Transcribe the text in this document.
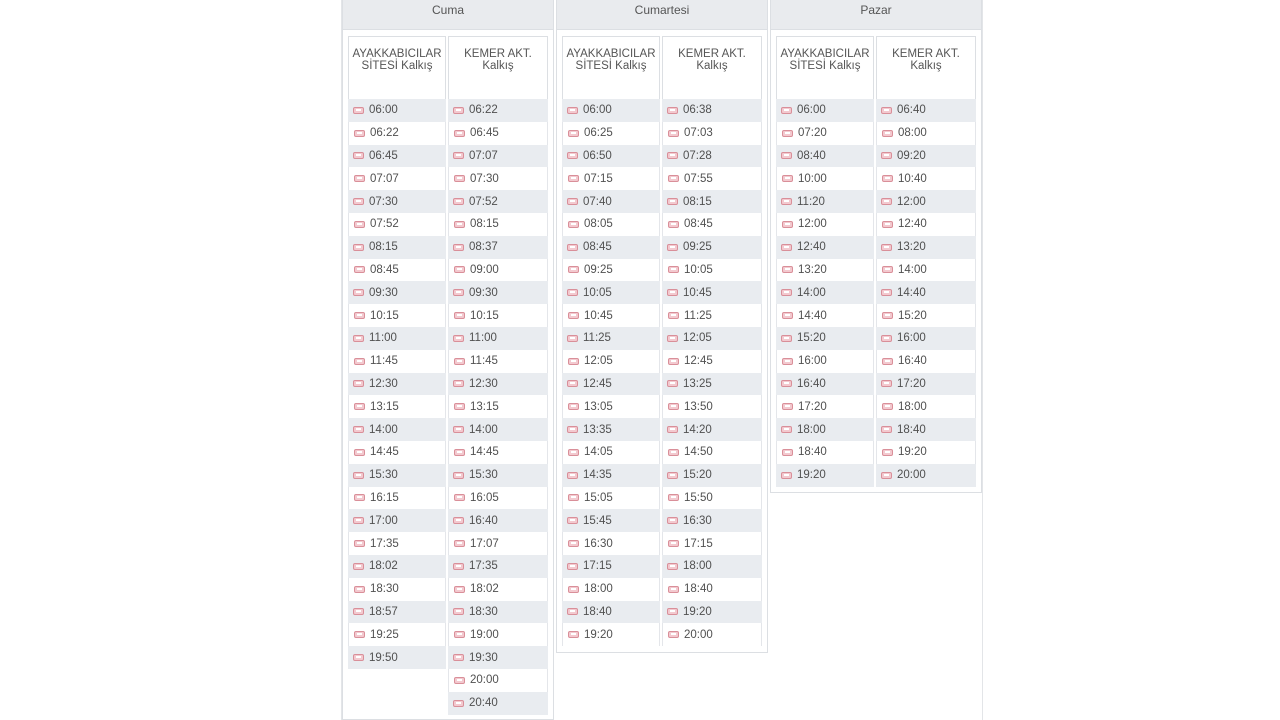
Cuma
AYAKKABICILAR
SİTESİ Kalkış
06:00
06:22
06:45
07:07
07:30
07:52
08:15
08:45
09:30
10:15
11:00
11:45
12:30
13:15
14:00
14:45
15:30
16:15
17:00
17:35
18:02
18:30
18:57
19:25
19:50
KEMER AKT.
Kalkış
06:22
06:45
07:07
07:30
07:52
08:15
08:37
09:00
09:30
10:15
11:00
11:45
12:30
13:15
14:00
14:45
15:30
16:05
16:40
17:07
17:35
18:02
18:30
19:00
19:30
20:00
20:40
Cumartesi
AYAKKABICILAR
SİTESİ Kalkış
06:00
06:25
06:50
07:15
07:40
08:05
08:45
09:25
10:05
10:45
11:25
12:05
12:45
13:05
13:35
14:05
14:35
15:05
15:45
16:30
17:15
18:00
18:40
19:20
KEMER AKT.
Kalkış
06:38
07:03
07:28
07:55
08:15
08:45
09:25
10:05
10:45
11:25
12:05
12:45
13:25
13:50
14:20
14:50
15:20
15:50
16:30
17:15
18:00
18:40
19:20
20:00
Pazar
AYAKKABICILAR
SİTESİ Kalkış
06:00
07:20
08:40
10:00
11:20
12:00
12:40
13:20
14:00
14:40
15:20
16:00
16:40
17:20
18:00
18:40
19:20
KEMER AKT.
Kalkış
06:40
08:00
09:20
10:40
12:00
12:40
13:20
14:00
14:40
15:20
16:00
16:40
17:20
18:00
18:40
19:20
20:00
